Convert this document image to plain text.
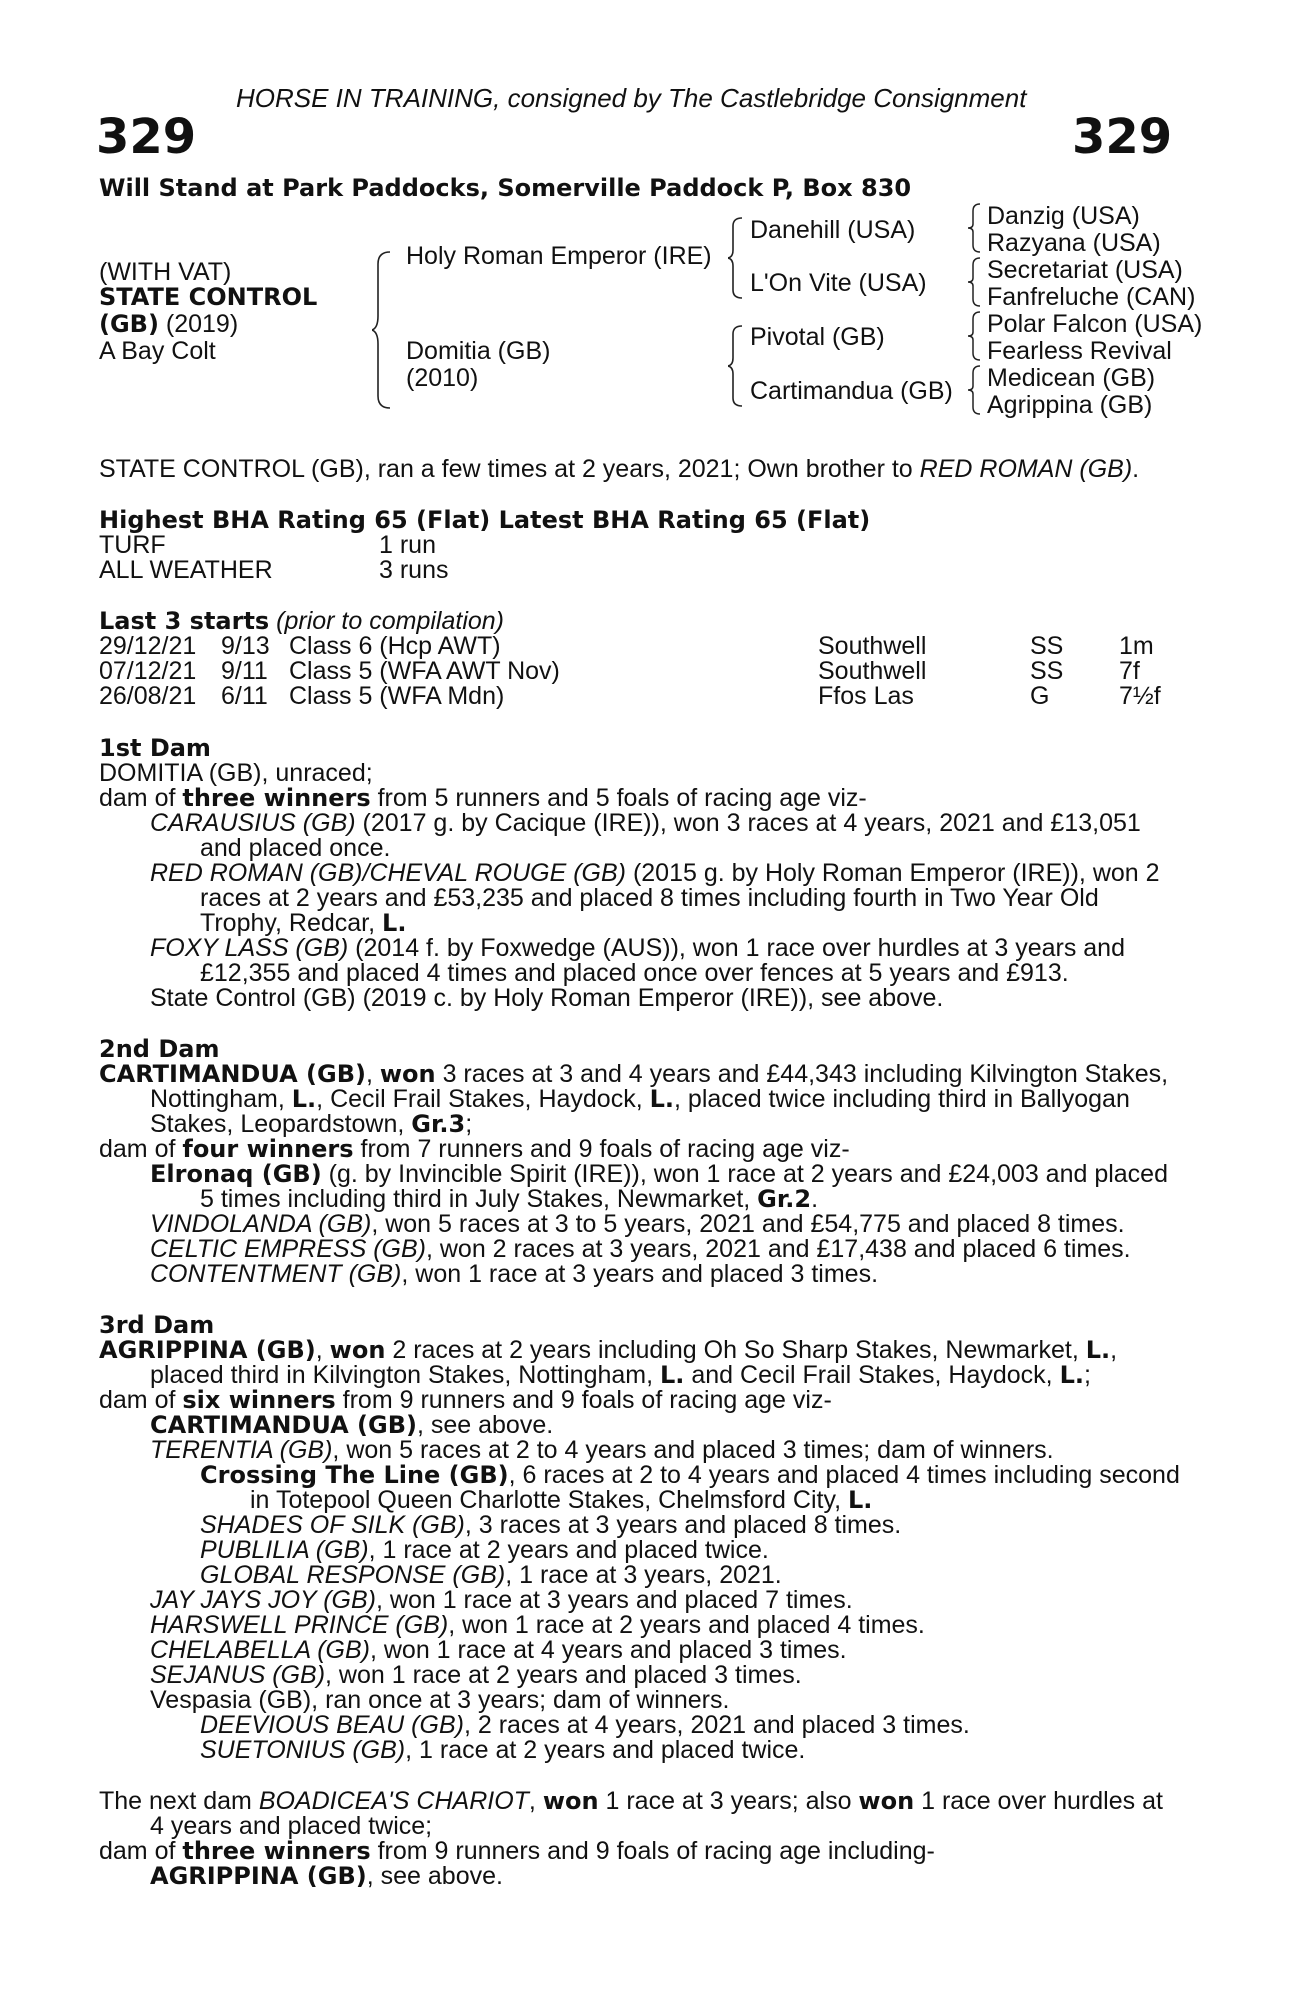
HORSE IN TRAINING, consigned by The Castlebridge Consignment
329	329
Will Stand at Park Paddocks, Somerville Paddock P, Box 830
(WITH VAT)
STATE CONTROL
(GB) (2019)
A Bay Colt
Holy Roman Emperor (IRE)
Domitia (GB)
(2010)
Danehill (USA)
L'On Vite (USA)
Pivotal (GB)
Cartimandua (GB)
Danzig (USA)
Razyana (USA)
Secretariat (USA)
Fanfreluche (CAN)
Polar Falcon (USA)
Fearless Revival
Medicean (GB)
Agrippina (GB)
STATE CONTROL (GB), ran a few times at 2 years, 2021; Own brother to RED ROMAN (GB).
Highest BHA Rating 65 (Flat) Latest BHA Rating 65 (Flat)
TURF	1 run
ALL WEATHER	3 runs
Last 3 starts (prior to compilation)
29/12/21 9/13 Class 6 (Hcp AWT)	Southwell	SS 1m
07/12/21 9/11 Class 5 (WFA AWT Nov)	Southwell	SS 7f
26/08/21 6/11 Class 5 (WFA Mdn)	Ffos Las	G	7½f
1st Dam
DOMITIA (GB), unraced;
dam of three winners from 5 runners and 5 foals of racing age viz-
CARAUSIUS (GB) (2017 g. by Cacique (IRE)), won 3 races at 4 years, 2021 and £13,051
and placed once.
RED ROMAN (GB)/CHEVAL ROUGE (GB) (2015 g. by Holy Roman Emperor (IRE)), won 2
races at 2 years and £53,235 and placed 8 times including fourth in Two Year Old
Trophy, Redcar, L.
FOXY LASS (GB) (2014 f. by Foxwedge (AUS)), won 1 race over hurdles at 3 years and
£12,355 and placed 4 times and placed once over fences at 5 years and £913.
State Control (GB) (2019 c. by Holy Roman Emperor (IRE)), see above.
2nd Dam
CARTIMANDUA (GB), won 3 races at 3 and 4 years and £44,343 including Kilvington Stakes,
Nottingham, L., Cecil Frail Stakes, Haydock, L., placed twice including third in Ballyogan
Stakes, Leopardstown, Gr.3;
dam of four winners from 7 runners and 9 foals of racing age viz-
Elronaq (GB) (g. by Invincible Spirit (IRE)), won 1 race at 2 years and £24,003 and placed
5 times including third in July Stakes, Newmarket, Gr.2.
VINDOLANDA (GB), won 5 races at 3 to 5 years, 2021 and £54,775 and placed 8 times.
CELTIC EMPRESS (GB), won 2 races at 3 years, 2021 and £17,438 and placed 6 times.
CONTENTMENT (GB), won 1 race at 3 years and placed 3 times.
3rd Dam
AGRIPPINA (GB), won 2 races at 2 years including Oh So Sharp Stakes, Newmarket, L.,
placed third in Kilvington Stakes, Nottingham, L. and Cecil Frail Stakes, Haydock, L.;
dam of six winners from 9 runners and 9 foals of racing age viz-
CARTIMANDUA (GB), see above.
TERENTIA (GB), won 5 races at 2 to 4 years and placed 3 times; dam of winners.
Crossing The Line (GB), 6 races at 2 to 4 years and placed 4 times including second
in Totepool Queen Charlotte Stakes, Chelmsford City, L.
SHADES OF SILK (GB), 3 races at 3 years and placed 8 times.
PUBLILIA (GB), 1 race at 2 years and placed twice.
GLOBAL RESPONSE (GB), 1 race at 3 years, 2021.
JAY JAYS JOY (GB), won 1 race at 3 years and placed 7 times.
HARSWELL PRINCE (GB), won 1 race at 2 years and placed 4 times.
CHELABELLA (GB), won 1 race at 4 years and placed 3 times.
SEJANUS (GB), won 1 race at 2 years and placed 3 times.
Vespasia (GB), ran once at 3 years; dam of winners.
DEEVIOUS BEAU (GB), 2 races at 4 years, 2021 and placed 3 times.
SUETONIUS (GB), 1 race at 2 years and placed twice.
The next dam BOADICEA'S CHARIOT, won 1 race at 3 years; also won 1 race over hurdles at
4 years and placed twice;
dam of three winners from 9 runners and 9 foals of racing age including-
AGRIPPINA (GB), see above.
